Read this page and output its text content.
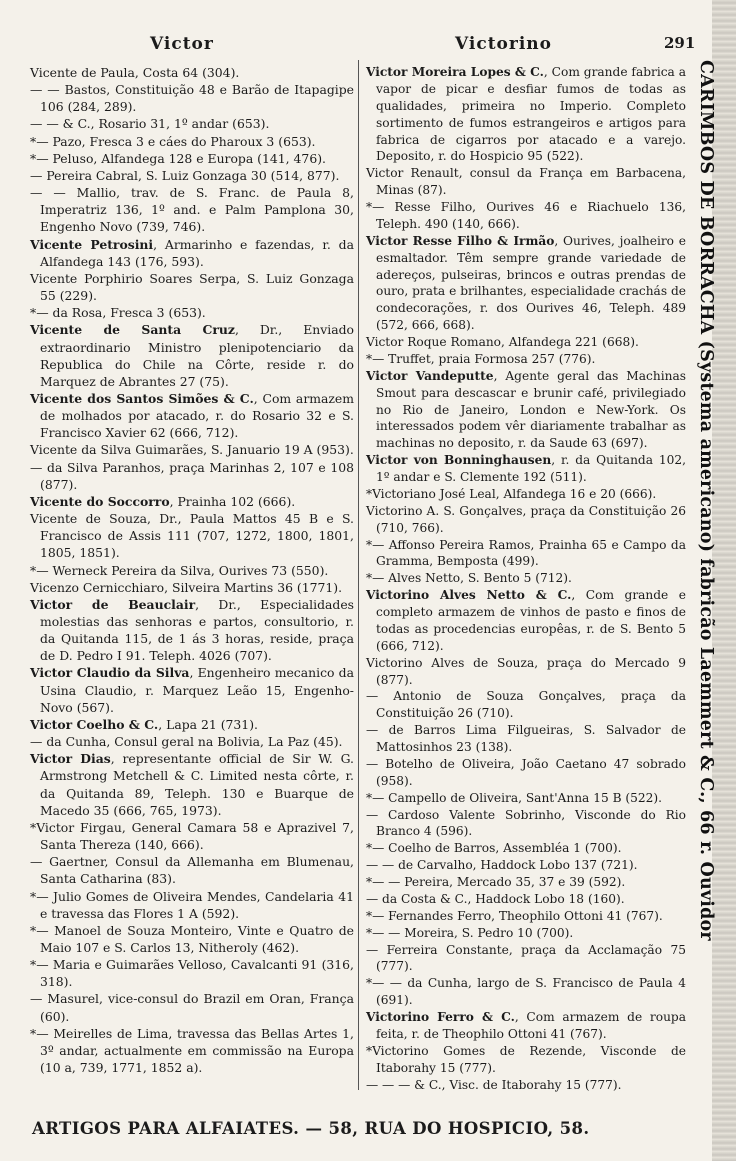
Victor	Victorino	291

Vicente de Paula, Costa 64 (304).

— — Bastos, Constituição 48 e Barão de Itapagipe 106 (284, 289).

— — & C., Rosario 31, 1º andar (653).

*— Pazo, Fresca 3 e cáes do Pharoux 3 (653).

*— Peluso, Alfandega 128 e Europa (141, 476).

— Pereira Cabral, S. Luiz Gonzaga 30 (514, 877).

— — Mallio, trav. de S. Franc. de Paula 8, Imperatriz 136, 1º and. e Palm Pamplona 30, Engenho Novo (739, 746).

Vicente Petrosini, Armarinho e fazendas, r. da Alfandega 143 (176, 593).

Vicente Porphirio Soares Serpa, S. Luiz Gonzaga 55 (229).

*— da Rosa, Fresca 3 (653).

Vicente de Santa Cruz, Dr., Enviado extraordinario Ministro plenipotenciario da Republica do Chile na Côrte, reside r. do Marquez de Abrantes 27 (75).

Vicente dos Santos Simões & C., Com armazem de molhados por atacado, r. do Rosario 32 e S. Francisco Xavier 62 (666, 712).

Vicente da Silva Guimarães, S. Januario 19 A (953).

— da Silva Paranhos, praça Marinhas 2, 107 e 108 (877).

Vicente do Soccorro, Prainha 102 (666).

Vicente de Souza, Dr., Paula Mattos 45 B e S. Francisco de Assis 111 (707, 1272, 1800, 1801, 1805, 1851).

*— Werneck Pereira da Silva, Ourives 73 (550).

Vicenzo Cernicchiaro, Silveira Martins 36 (1771).

Victor de Beauclair, Dr., Especialidades molestias das senhoras e partos, consultorio, r. da Quitanda 115, de 1 ás 3 horas, reside, praça de D. Pedro I 91. Teleph. 4026 (707).

Victor Claudio da Silva, Engenheiro mecanico da Usina Claudio, r. Marquez Leão 15, Engenho-Novo (567).

Victor Coelho & C., Lapa 21 (731).

— da Cunha, Consul geral na Bolivia, La Paz (45).

Victor Dias, representante official de Sir W. G. Armstrong Metchell & C. Limited nesta côrte, r. da Quitanda 89, Teleph. 130 e Buarque de Macedo 35 (666, 765, 1973).

*Victor Firgau, General Camara 58 e Aprazivel 7, Santa Thereza (140, 666).

— Gaertner, Consul da Allemanha em Blumenau, Santa Catharina (83).

*— Julio Gomes de Oliveira Mendes, Candelaria 41 e travessa das Flores 1 A (592).

*— Manoel de Souza Monteiro, Vinte e Quatro de Maio 107 e S. Carlos 13, Nitheroly (462).

*— Maria e Guimarães Velloso, Cavalcanti 91 (316, 318).

— Masurel, vice-consul do Brazil em Oran, França (60).

*— Meirelles de Lima, travessa das Bellas Artes 1, 3º andar, actualmente em commissão na Europa (10 a, 739, 1771, 1852 a).

Victor Moreira Lopes & C., Com grande fabrica a vapor de picar e desfiar fumos de todas as qualidades, primeira no Imperio. Completo sortimento de fumos estrangeiros e artigos para fabrica de cigarros por atacado e a varejo. Deposito, r. do Hospicio 95 (522).

Victor Renault, consul da França em Barbacena, Minas (87).

*— Resse Filho, Ourives 46 e Riachuelo 136, Teleph. 490 (140, 666).

Victor Resse Filho & Irmão, Ourives, joalheiro e esmaltador. Têm sempre grande variedade de adereços, pulseiras, brincos e outras prendas de ouro, prata e brilhantes, especialidade crachás de condecorações, r. dos Ourives 46, Teleph. 489 (572, 666, 668).

Victor Roque Romano, Alfandega 221 (668).

*— Truffet, praia Formosa 257 (776).

Victor Vandeputte, Agente geral das Machinas Smout para descascar e brunir café, privilegiado no Rio de Janeiro, London e New-York. Os interessados podem vêr diariamente trabalhar as machinas no deposito, r. da Saude 63 (697).

Victor von Bonninghausen, r. da Quitanda 102, 1º andar e S. Clemente 192 (511).

*Victoriano José Leal, Alfandega 16 e 20 (666).

Victorino A. S. Gonçalves, praça da Constituição 26 (710, 766).

*— Affonso Pereira Ramos, Prainha 65 e Campo da Gramma, Bemposta (499).

*— Alves Netto, S. Bento 5 (712).

Victorino Alves Netto & C., Com grande e completo armazem de vinhos de pasto e finos de todas as procedencias europêas, r. de S. Bento 5 (666, 712).

Victorino Alves de Souza, praça do Mercado 9 (877).

— Antonio de Souza Gonçalves, praça da Constituição 26 (710).

— de Barros Lima Filgueiras, S. Salvador de Mattosinhos 23 (138).

— Botelho de Oliveira, João Caetano 47 sobrado (958).

*— Campello de Oliveira, Sant'Anna 15 B (522).

— Cardoso Valente Sobrinho, Visconde do Rio Branco 4 (596).

*— Coelho de Barros, Assembléa 1 (700).

— — de Carvalho, Haddock Lobo 137 (721).

*— — Pereira, Mercado 35, 37 e 39 (592).

— da Costa & C., Haddock Lobo 18 (160).

*— Fernandes Ferro, Theophilo Ottoni 41 (767).

*— — Moreira, S. Pedro 10 (700).

— Ferreira Constante, praça da Acclamação 75 (777).

*— — da Cunha, largo de S. Francisco de Paula 4 (691).

Victorino Ferro & C., Com armazem de roupa feita, r. de Theophilo Ottoni 41 (767).

*Victorino Gomes de Rezende, Visconde de Itaborahy 15 (777).

— — — & C., Visc. de Itaborahy 15 (777).

CARIMBOS DE BORRACHA (Systema americano) fabricão Laemmert & C., 66 r. Ouvidor
ARTIGOS PARA ALFAIATES. — 58, RUA DO HOSPICIO, 58.
